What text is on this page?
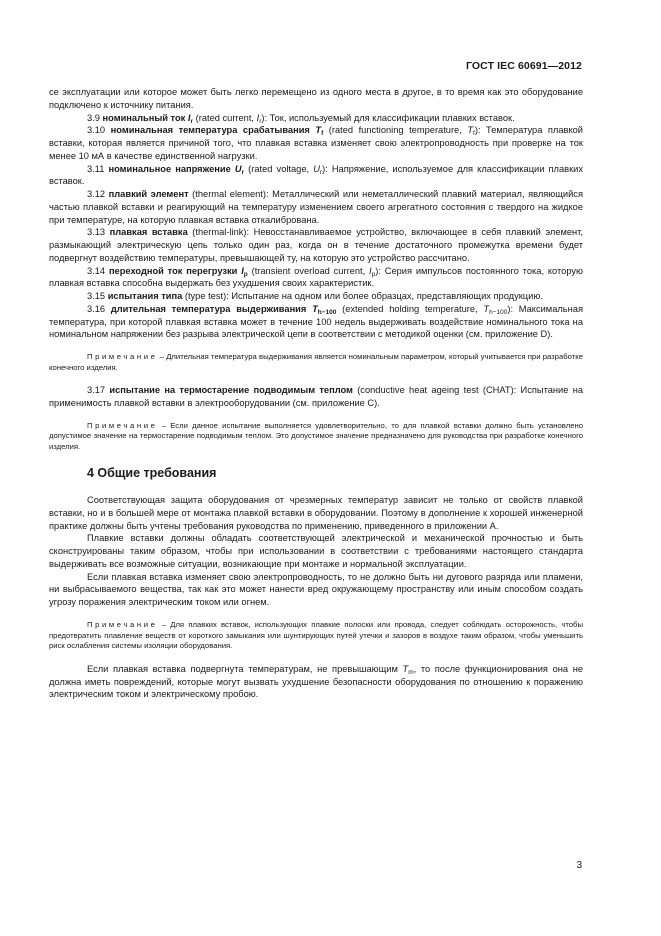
ГОСТ IEC 60691—2012

се эксплуатации или которое может быть легко перемещено из одного места в другое, в то время как это оборудование подключено к источнику питания.

3.9 номинальный ток $I_r$ (rated current, $I_r$): Ток, используемый для классификации плавких вставок.

3.10 номинальная температура срабатывания $T_f$ (rated functioning temperature, $T_f$): Температура плавкой вставки, которая является причиной того, что плавкая вставка изменяет свою электропроводность при проверке на ток менее 10 мА в качестве единственной нагрузки.

3.11 номинальное напряжение $U_r$ (rated voltage, $U_r$): Напряжение, используемое для классификации плавких вставок.

3.12 плавкий элемент (thermal element): Металлический или неметаллический плавкий материал, являющийся частью плавкой вставки и реагирующий на температуру изменением своего агрегатного состояния с твердого на жидкое при температуре, на которую плавкая вставка откалибрована.

3.13 плавкая вставка (thermal-link): Невосстанавливаемое устройство, включающее в себя плавкий элемент, размыкающий электрическую цепь только один раз, когда он в течение достаточного промежутка времени будет подвергнут воздействию температуры, превышающей ту, на которую это устройство рассчитано.

3.14 переходной ток перегрузки $I_p$ (transient overload current, $I_p$): Серия импульсов постоянного тока, которую плавкая вставка способна выдержать без ухудшения своих характеристик.

3.15 испытания типа (type test): Испытание на одном или более образцах, представляющих продукцию.

3.16 длительная температура выдерживания $T_{h-100}$ (extended holding temperature, $T_{h-100}$): Максимальная температура, при которой плавкая вставка может в течение 100 недель выдерживать воздействие номинального тока на номинальном напряжении без разрыва электрической цепи в соответствии с методикой оценки (см. приложение D).

Примечание – Длительная температура выдерживания является номинальным параметром, который учитывается при разработке конечного изделия.

3.17 испытание на термостарение подводимым теплом (conductive heat ageing test (CHAT): Испытание на применимость плавкой вставки в электрооборудовании (см. приложение С).

Примечание – Если данное испытание выполняется удовлетворительно, то для плавкой вставки должно быть установлено допустимое значение на термостарение подводимым теплом. Это допустимое значение предназначено для руководства при разработке конечного изделия.

4 Общие требования

Соответствующая защита оборудования от чрезмерных температур зависит не только от свойств плавкой вставки, но и в большей мере от монтажа плавкой вставки в оборудовании. Поэтому в дополнение к хорошей инженерной практике должны быть учтены требования руководства по применению, приведенного в приложении А.

Плавкие вставки должны обладать соответствующей электрической и механической прочностью и быть сконструированы таким образом, чтобы при использовании в соответствии с требованиями настоящего стандарта выдерживать все возможные ситуации, возникающие при монтаже и нормальной эксплуатации.

Если плавкая вставка изменяет свою электропроводность, то не должно быть ни дугового разряда или пламени, ни выбрасываемого вещества, так как это может нанести вред окружающему пространству или иным способом создать угрозу поражения электрическим током или огнем.

Примечание – Для плавких вставок, использующих плавкие полоски или провода, следует соблюдать осторожность, чтобы предотвратить плавление веществ от короткого замыкания или шунтирующих путей утечки и зазоров в воздухе таким образом, чтобы уменьшить риск ослабления системы изоляции оборудования.

Если плавкая вставка подвергнута температурам, не превышающим $T_m$, то после функционирования она не должна иметь повреждений, которые могут вызвать ухудшение безопасности оборудования по отношению к поражению электрическим током и электрическому пробою.

3
